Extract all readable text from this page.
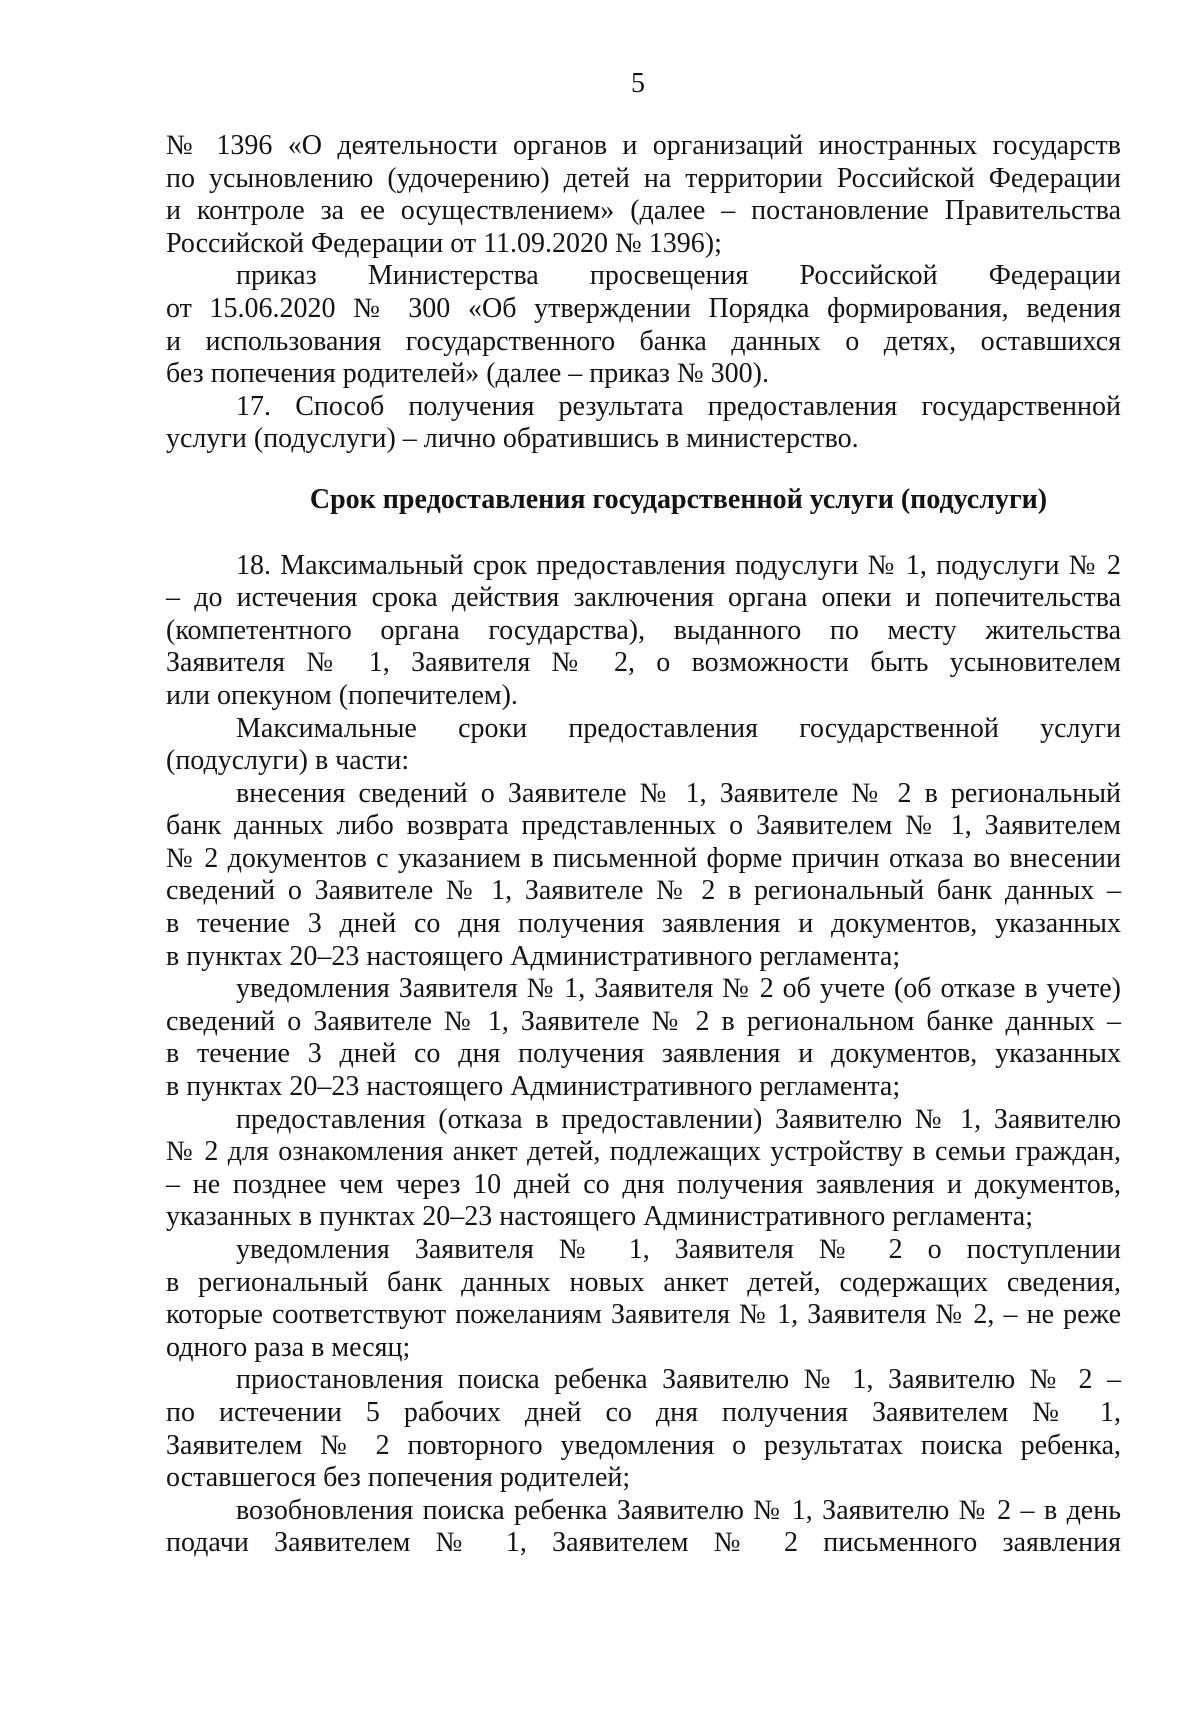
5

№ 1396 «О деятельности органов и организаций иностранных государств

по усыновлению (удочерению) детей на территории Российской Федерации

и контроле за ее осуществлением» (далее – постановление Правительства

Российской Федерации от 11.09.2020 № 1396);

приказ Министерства просвещения Российской Федерации

от 15.06.2020 № 300 «Об утверждении Порядка формирования, ведения

и использования государственного банка данных о детях, оставшихся

без попечения родителей» (далее – приказ № 300).

17. Способ получения результата предоставления государственной

услуги (подуслуги) – лично обратившись в министерство.

Срок предоставления государственной услуги (подуслуги)

18. Максимальный срок предоставления подуслуги № 1, подуслуги № 2

– до истечения срока действия заключения органа опеки и попечительства

(компетентного органа государства), выданного по месту жительства

Заявителя № 1, Заявителя № 2, о возможности быть усыновителем

или опекуном (попечителем).

Максимальные сроки предоставления государственной услуги

(подуслуги) в части:

внесения сведений о Заявителе № 1, Заявителе № 2 в региональный

банк данных либо возврата представленных о Заявителем № 1, Заявителем

№ 2 документов с указанием в письменной форме причин отказа во внесении

сведений о Заявителе № 1, Заявителе № 2 в региональный банк данных –

в течение 3 дней со дня получения заявления и документов, указанных

в пунктах 20–23 настоящего Административного регламента;

уведомления Заявителя № 1, Заявителя № 2 об учете (об отказе в учете)

сведений о Заявителе № 1, Заявителе № 2 в региональном банке данных –

в течение 3 дней со дня получения заявления и документов, указанных

в пунктах 20–23 настоящего Административного регламента;

предоставления (отказа в предоставлении) Заявителю № 1, Заявителю

№ 2 для ознакомления анкет детей, подлежащих устройству в семьи граждан,

– не позднее чем через 10 дней со дня получения заявления и документов,

указанных в пунктах 20–23 настоящего Административного регламента;

уведомления Заявителя № 1, Заявителя № 2 о поступлении

в региональный банк данных новых анкет детей, содержащих сведения,

которые соответствуют пожеланиям Заявителя № 1, Заявителя № 2, – не реже

одного раза в месяц;

приостановления поиска ребенка Заявителю № 1, Заявителю № 2 –

по истечении 5 рабочих дней со дня получения Заявителем № 1,

Заявителем № 2 повторного уведомления о результатах поиска ребенка,

оставшегося без попечения родителей;

возобновления поиска ребенка Заявителю № 1, Заявителю № 2 – в день

подачи Заявителем № 1, Заявителем № 2 письменного заявления
